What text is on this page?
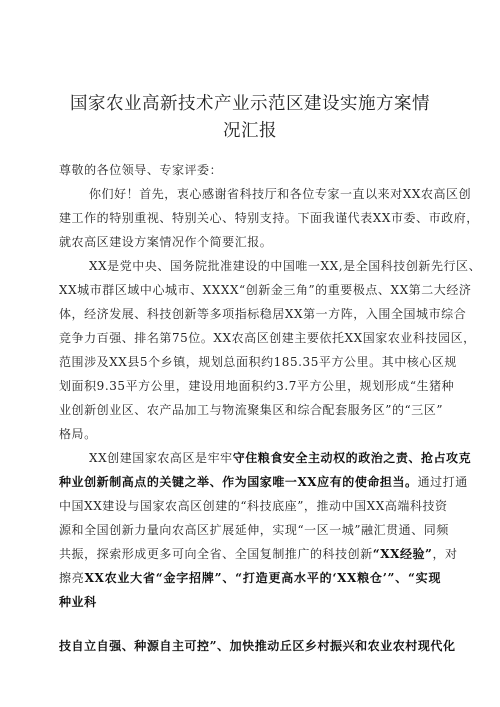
国家农业高新技术产业示范区建设实施方案情
况汇报
尊敬的各位领导、专家评委：
你们好！首先，衷心感谢省科技厅和各位专家一直以来对XX农高区创
建工作的特别重视、特别关心、特别支持。下面我谨代表XX市委、市政府，
就农高区建设方案情况作个简要汇报。
XX是党中央、国务院批准建设的中国唯一XX,是全国科技创新先行区、
XX城市群区域中心城市、XXXX“创新金三角”的重要极点、XX第二大经济
体，经济发展、科技创新等多项指标稳居XX第一方阵，入围全国城市综合
竞争力百强、排名第75位。XX农高区创建主要依托XX国家农业科技园区，
范围涉及XX县5个乡镇，规划总面积约185.35平方公里。其中核心区规
划面积9.35平方公里，建设用地面积约3.7平方公里，规划形成“生猪种
业创新创业区、农产品加工与物流聚集区和综合配套服务区”的“三区”
格局。
XX创建国家农高区是牢牢守住粮食安全主动权的政治之责、抢占攻克
种业创新制高点的关键之举、作为国家唯一XX应有的使命担当。通过打通
中国XX建设与国家农高区创建的“科技底座”，推动中国XX高端科技资
源和全国创新力量向农高区扩展延伸，实现“一区一城”融汇贯通、同频
共振，探索形成更多可向全省、全国复制推广的科技创新“XX经验”，对
擦亮XX农业大省“金字招牌”、“打造更高水平的‘XX粮仓’”、“实现
种业科
技自立自强、种源自主可控”、加快推动丘区乡村振兴和农业农村现代化
